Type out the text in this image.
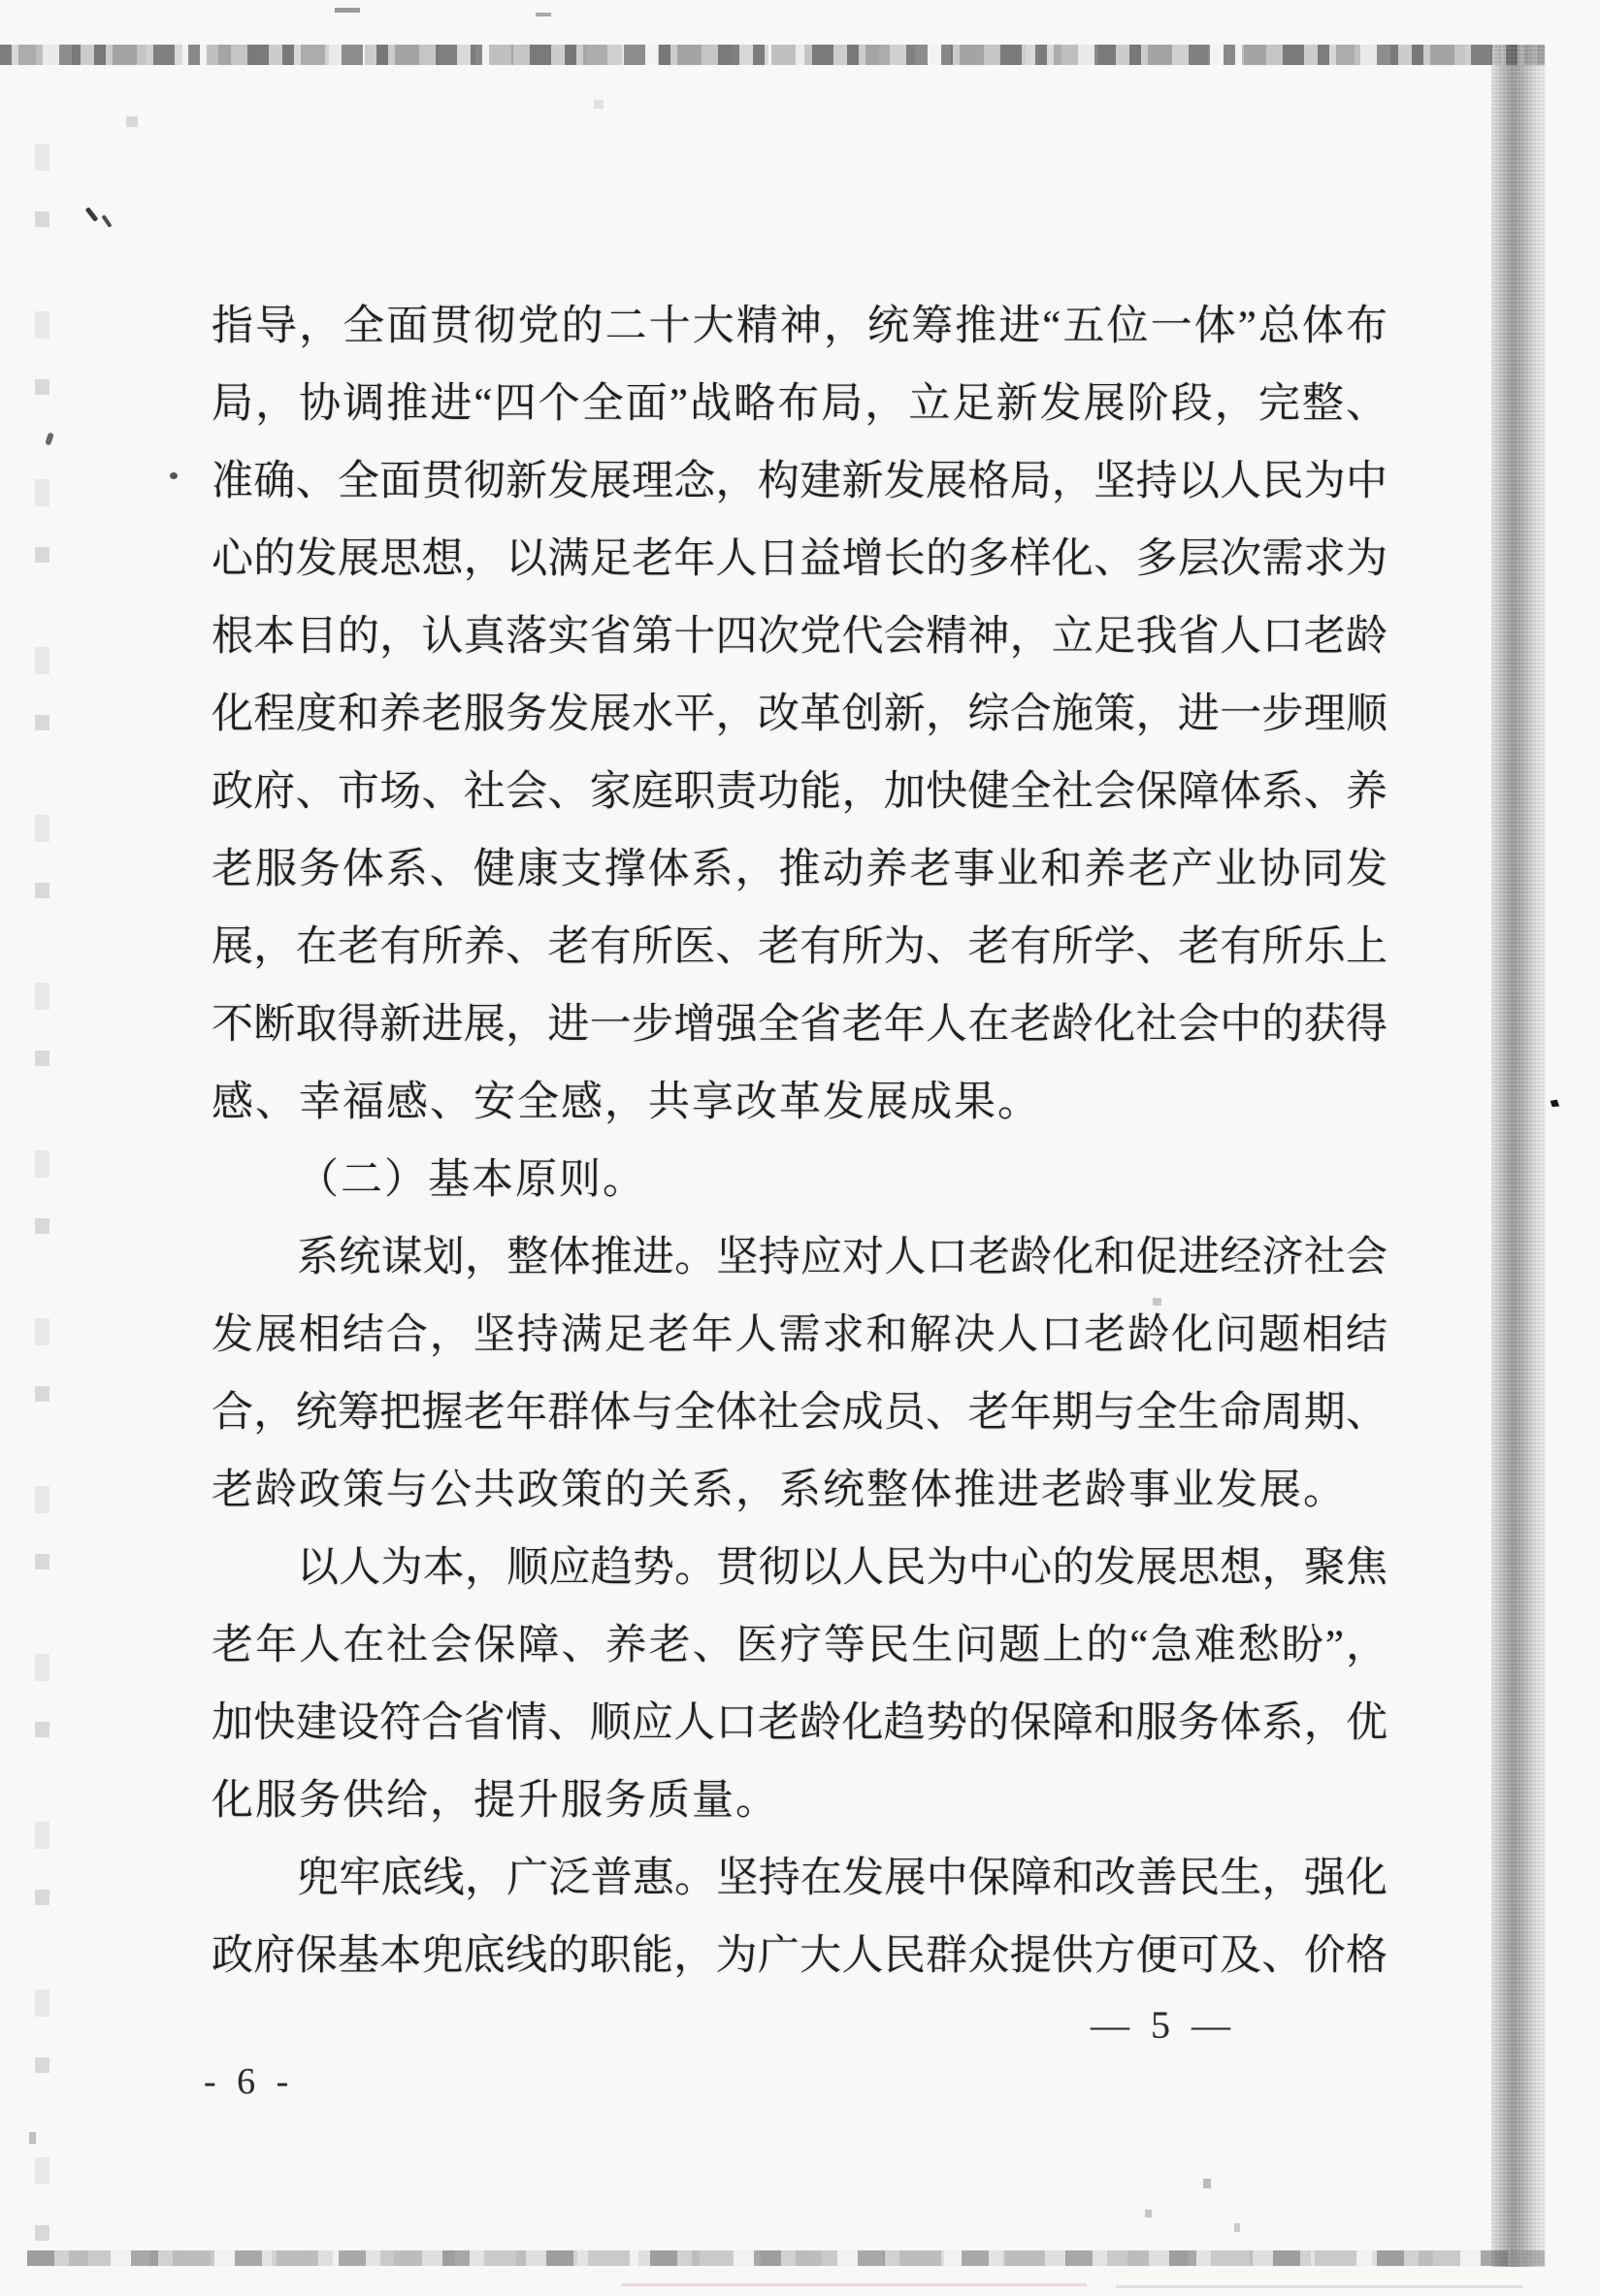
指导，全面贯彻党的二十大精神，统筹推进“五位一体”总体布
局，协调推进“四个全面”战略布局，立足新发展阶段，完整、
准确、全面贯彻新发展理念，构建新发展格局，坚持以人民为中
心的发展思想，以满足老年人日益增长的多样化、多层次需求为
根本目的，认真落实省第十四次党代会精神，立足我省人口老龄
化程度和养老服务发展水平，改革创新，综合施策，进一步理顺
政府、市场、社会、家庭职责功能，加快健全社会保障体系、养
老服务体系、健康支撑体系，推动养老事业和养老产业协同发
展，在老有所养、老有所医、老有所为、老有所学、老有所乐上
不断取得新进展，进一步增强全省老年人在老龄化社会中的获得
感、幸福感、安全感，共享改革发展成果。
（二）基本原则。
系统谋划，整体推进。坚持应对人口老龄化和促进经济社会
发展相结合，坚持满足老年人需求和解决人口老龄化问题相结
合，统筹把握老年群体与全体社会成员、老年期与全生命周期、
老龄政策与公共政策的关系，系统整体推进老龄事业发展。
以人为本，顺应趋势。贯彻以人民为中心的发展思想，聚焦
老年人在社会保障、养老、医疗等民生问题上的“急难愁盼”，
加快建设符合省情、顺应人口老龄化趋势的保障和服务体系，优
化服务供给，提升服务质量。
兜牢底线，广泛普惠。坚持在发展中保障和改善民生，强化
政府保基本兜底线的职能，为广大人民群众提供方便可及、价格
— 5 —
- 6 -
